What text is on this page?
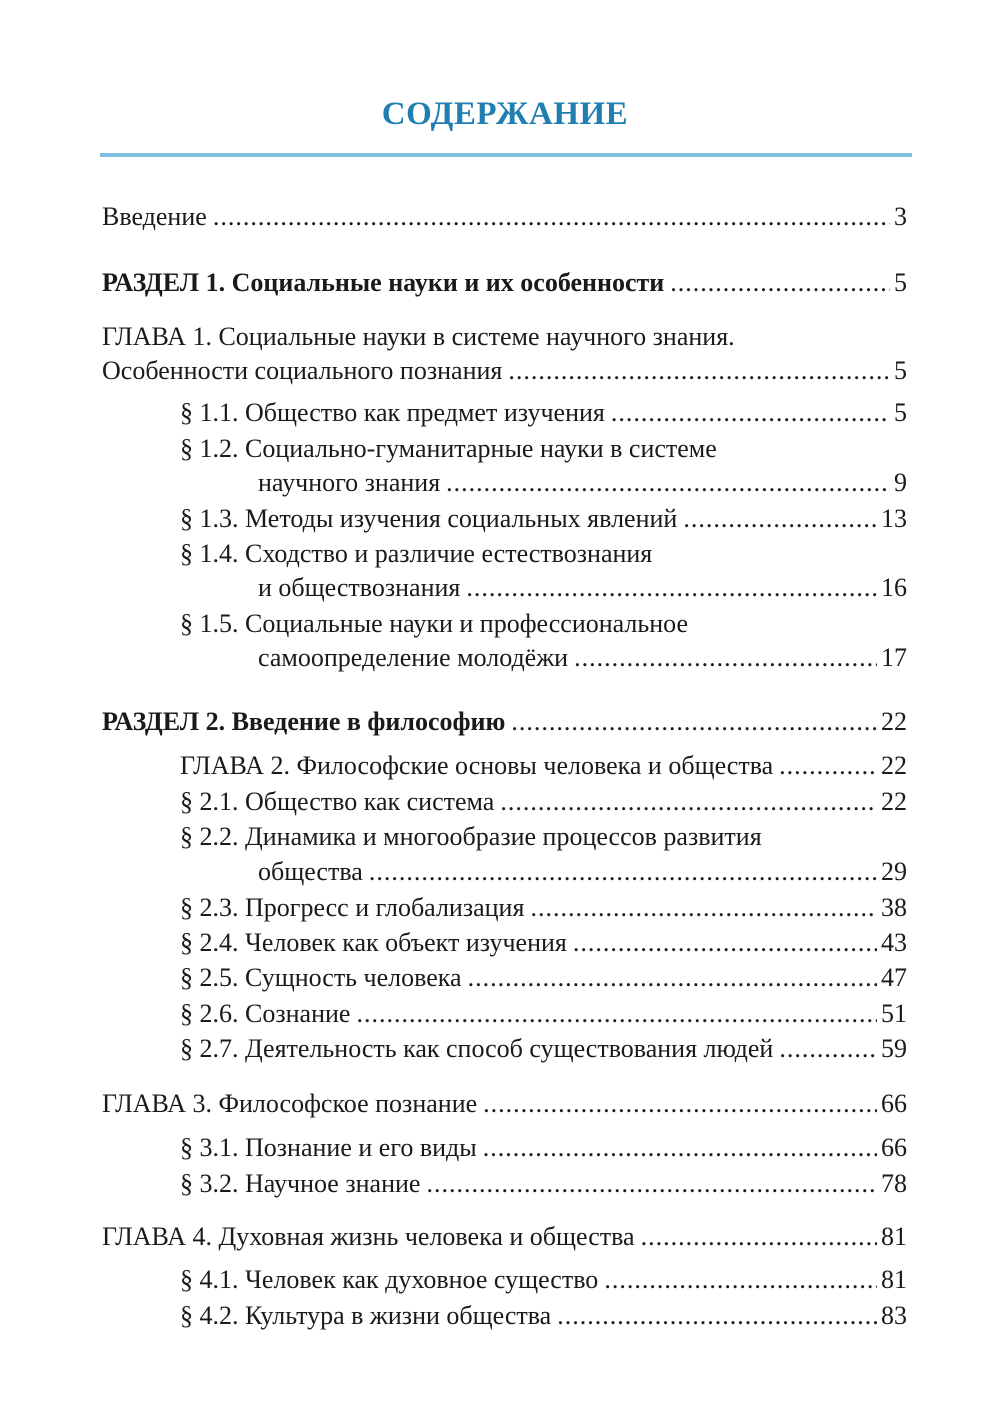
СОДЕРЖАНИЕ
Введение .....	3
РАЗДЕЛ 1. Социальные науки и их особенности .....	5
ГЛАВА 1. Социальные науки в системе научного знания.
Особенности социального познания .....	5
§ 1.1. Общество как предмет изучения .....	5
§ 1.2. Социально-гуманитарные науки в системе
научного знания .....	9
§ 1.3. Методы изучения социальных явлений .....	13
§ 1.4. Сходство и различие естествознания
и обществознания .....	16
§ 1.5. Социальные науки и профессиональное
самоопределение молодёжи .....	17
РАЗДЕЛ 2. Введение в философию .....	22
ГЛАВА 2. Философские основы человека и общества .....	22
§ 2.1. Общество как система .....	22
§ 2.2. Динамика и многообразие процессов развития
общества .....	29
§ 2.3. Прогресс и глобализация .....	38
§ 2.4. Человек как объект изучения .....	43
§ 2.5. Сущность человека .....	47
§ 2.6. Сознание .....	51
§ 2.7. Деятельность как способ существования людей .....	59
ГЛАВА 3. Философское познание .....	66
§ 3.1. Познание и его виды .....	66
§ 3.2. Научное знание .....	78
ГЛАВА 4. Духовная жизнь человека и общества .....	81
§ 4.1. Человек как духовное существо .....	81
§ 4.2. Культура в жизни общества .....	83
